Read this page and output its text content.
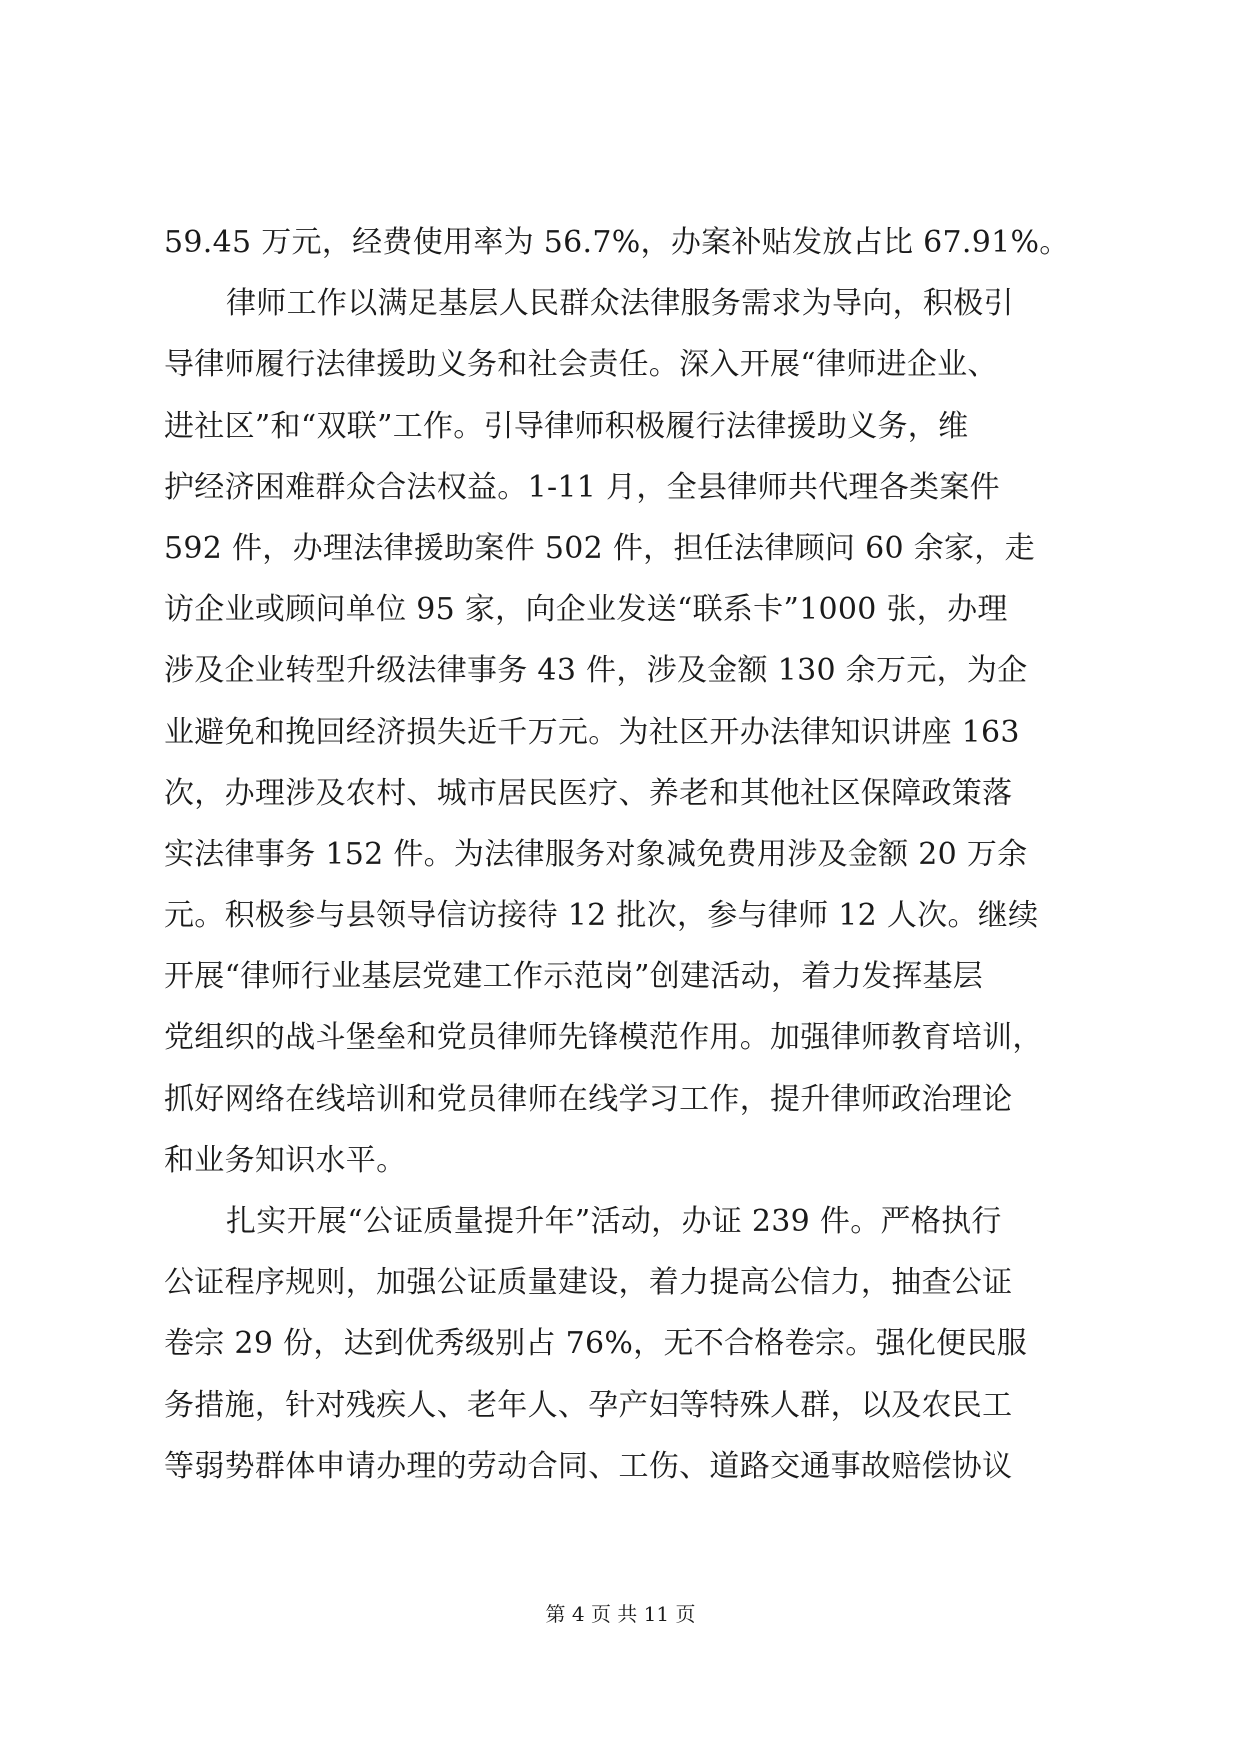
59.45 万元，经费使用率为 56.7%，办案补贴发放占比 67.91%。
律师工作以满足基层人民群众法律服务需求为导向，积极引
导律师履行法律援助义务和社会责任。深入开展“律师进企业、
进社区”和“双联”工作。引导律师积极履行法律援助义务，维
护经济困难群众合法权益。1-11 月，全县律师共代理各类案件
592 件，办理法律援助案件 502 件，担任法律顾问 60 余家，走
访企业或顾问单位 95 家，向企业发送“联系卡”1000 张，办理
涉及企业转型升级法律事务 43 件，涉及金额 130 余万元，为企
业避免和挽回经济损失近千万元。为社区开办法律知识讲座 163
次，办理涉及农村、城市居民医疗、养老和其他社区保障政策落
实法律事务 152 件。为法律服务对象减免费用涉及金额 20 万余
元。积极参与县领导信访接待 12 批次，参与律师 12 人次。继续
开展“律师行业基层党建工作示范岗”创建活动，着力发挥基层
党组织的战斗堡垒和党员律师先锋模范作用。加强律师教育培训，
抓好网络在线培训和党员律师在线学习工作，提升律师政治理论
和业务知识水平。
扎实开展“公证质量提升年”活动，办证 239 件。严格执行
公证程序规则，加强公证质量建设，着力提高公信力，抽查公证
卷宗 29 份，达到优秀级别占 76%，无不合格卷宗。强化便民服
务措施，针对残疾人、老年人、孕产妇等特殊人群，以及农民工
等弱势群体申请办理的劳动合同、工伤、道路交通事故赔偿协议
第 4 页 共 11 页
